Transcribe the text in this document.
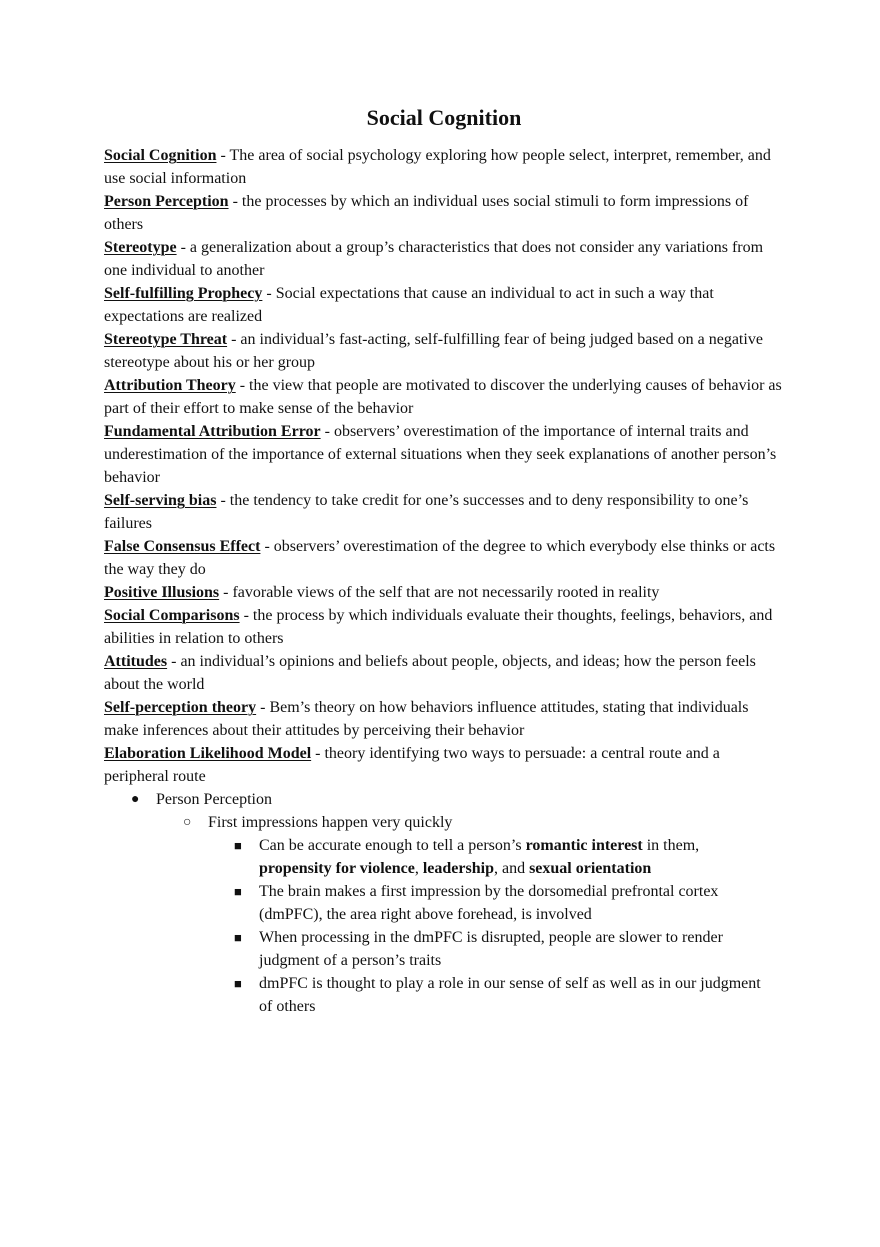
Social Cognition

Social Cognition - The area of social psychology exploring how people select, interpret, remember, and use social information

Person Perception - the processes by which an individual uses social stimuli to form impressions of others

Stereotype - a generalization about a group’s characteristics that does not consider any variations from one individual to another

Self-fulfilling Prophecy - Social expectations that cause an individual to act in such a way that expectations are realized

Stereotype Threat - an individual’s fast-acting, self-fulfilling fear of being judged based on a negative stereotype about his or her group

Attribution Theory - the view that people are motivated to discover the underlying causes of behavior as part of their effort to make sense of the behavior

Fundamental Attribution Error - observers’ overestimation of the importance of internal traits and underestimation of the importance of external situations when they seek explanations of another person’s behavior

Self-serving bias - the tendency to take credit for one’s successes and to deny responsibility to one’s failures

False Consensus Effect - observers’ overestimation of the degree to which everybody else thinks or acts the way they do

Positive Illusions - favorable views of the self that are not necessarily rooted in reality

Social Comparisons - the process by which individuals evaluate their thoughts, feelings, behaviors, and abilities in relation to others

Attitudes - an individual’s opinions and beliefs about people, objects, and ideas; how the person feels about the world

Self-perception theory - Bem’s theory on how behaviors influence attitudes, stating that individuals make inferences about their attitudes by perceiving their behavior

Elaboration Likelihood Model - theory identifying two ways to persuade: a central route and a peripheral route

● Person Perception
○ First impressions happen very quickly
■ Can be accurate enough to tell a person’s romantic interest in them, propensity for violence, leadership, and sexual orientation
■ The brain makes a first impression by the dorsomedial prefrontal cortex (dmPFC), the area right above forehead, is involved
■ When processing in the dmPFC is disrupted, people are slower to render judgment of a person’s traits
■ dmPFC is thought to play a role in our sense of self as well as in our judgment of others
